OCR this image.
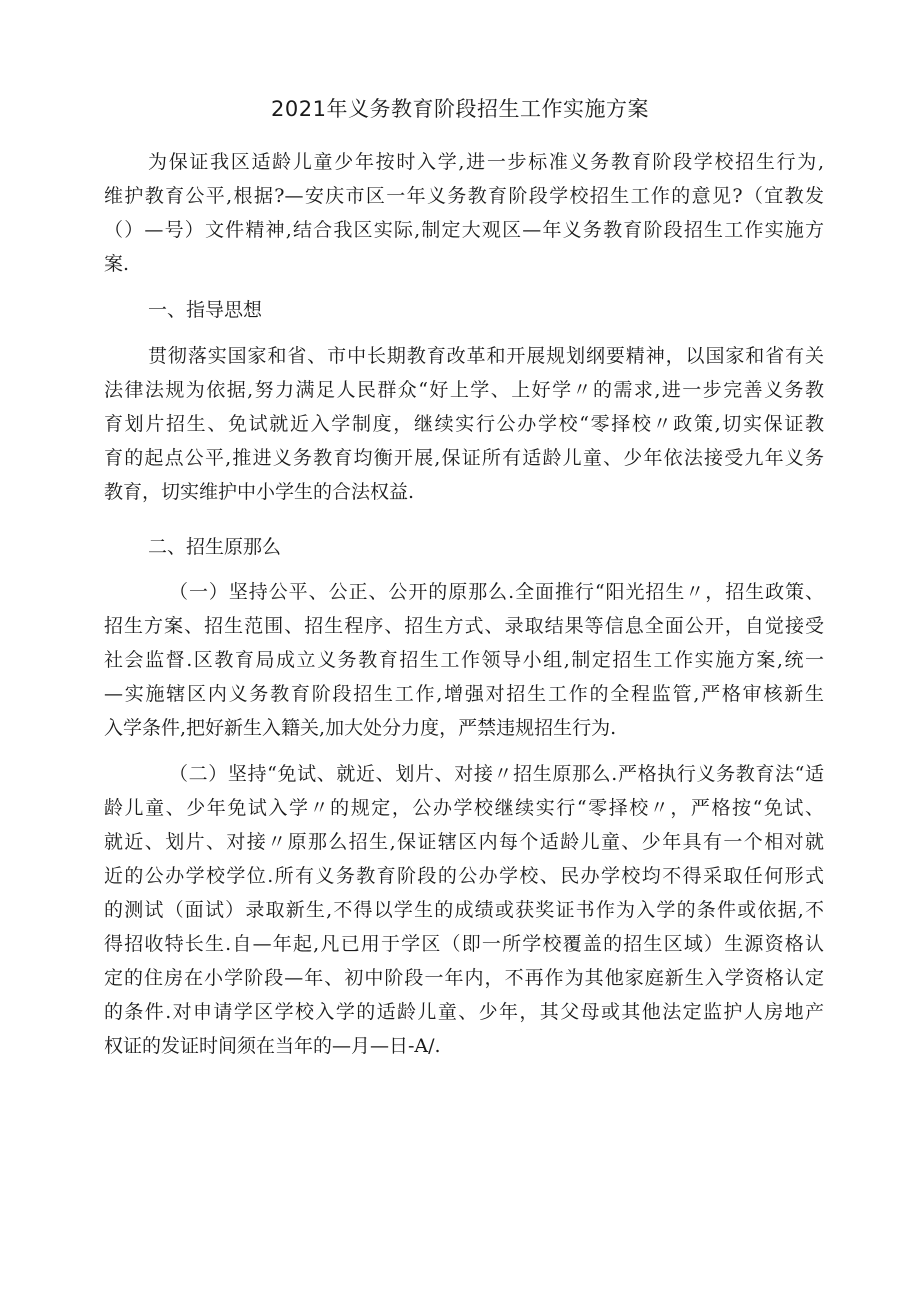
2021年义务教育阶段招生工作实施方案
为保证我区适龄儿童少年按时入学,进一步标准义务教育阶段学校招生行为,
维护教育公平,根据?—安庆市区一年义务教育阶段学校招生工作的意见?（宜教发
（）—号）文件精神,结合我区实际,制定大观区—年义务教育阶段招生工作实施方
案.
一、指导思想
贯彻落实国家和省、市中长期教育改革和开展规划纲要精神，以国家和省有关
法律法规为依据,努力满足人民群众“好上学、上好学〃的需求,进一步完善义务教
育划片招生、免试就近入学制度，继续实行公办学校“零择校〃政策,切实保证教
育的起点公平,推进义务教育均衡开展,保证所有适龄儿童、少年依法接受九年义务
教育，切实维护中小学生的合法权益.
二、招生原那么
（一）坚持公平、公正、公开的原那么.全面推行“阳光招生〃，招生政策、
招生方案、招生范围、招生程序、招生方式、录取结果等信息全面公开，自觉接受
社会监督.区教育局成立义务教育招生工作领导小组,制定招生工作实施方案,统一
—实施辖区内义务教育阶段招生工作,增强对招生工作的全程监管,严格审核新生
入学条件,把好新生入籍关,加大处分力度，严禁违规招生行为.
（二）坚持“免试、就近、划片、对接〃招生原那么.严格执行义务教育法“适
龄儿童、少年免试入学〃的规定，公办学校继续实行“零择校〃，严格按“免试、
就近、划片、对接〃原那么招生,保证辖区内每个适龄儿童、少年具有一个相对就
近的公办学校学位.所有义务教育阶段的公办学校、民办学校均不得采取任何形式
的测试（面试）录取新生,不得以学生的成绩或获奖证书作为入学的条件或依据,不
得招收特长生.自—年起,凡已用于学区（即一所学校覆盖的招生区域）生源资格认
定的住房在小学阶段—年、初中阶段一年内，不再作为其他家庭新生入学资格认定
的条件.对申请学区学校入学的适龄儿童、少年，其父母或其他法定监护人房地产
权证的发证时间须在当年的—月—日-A/.
